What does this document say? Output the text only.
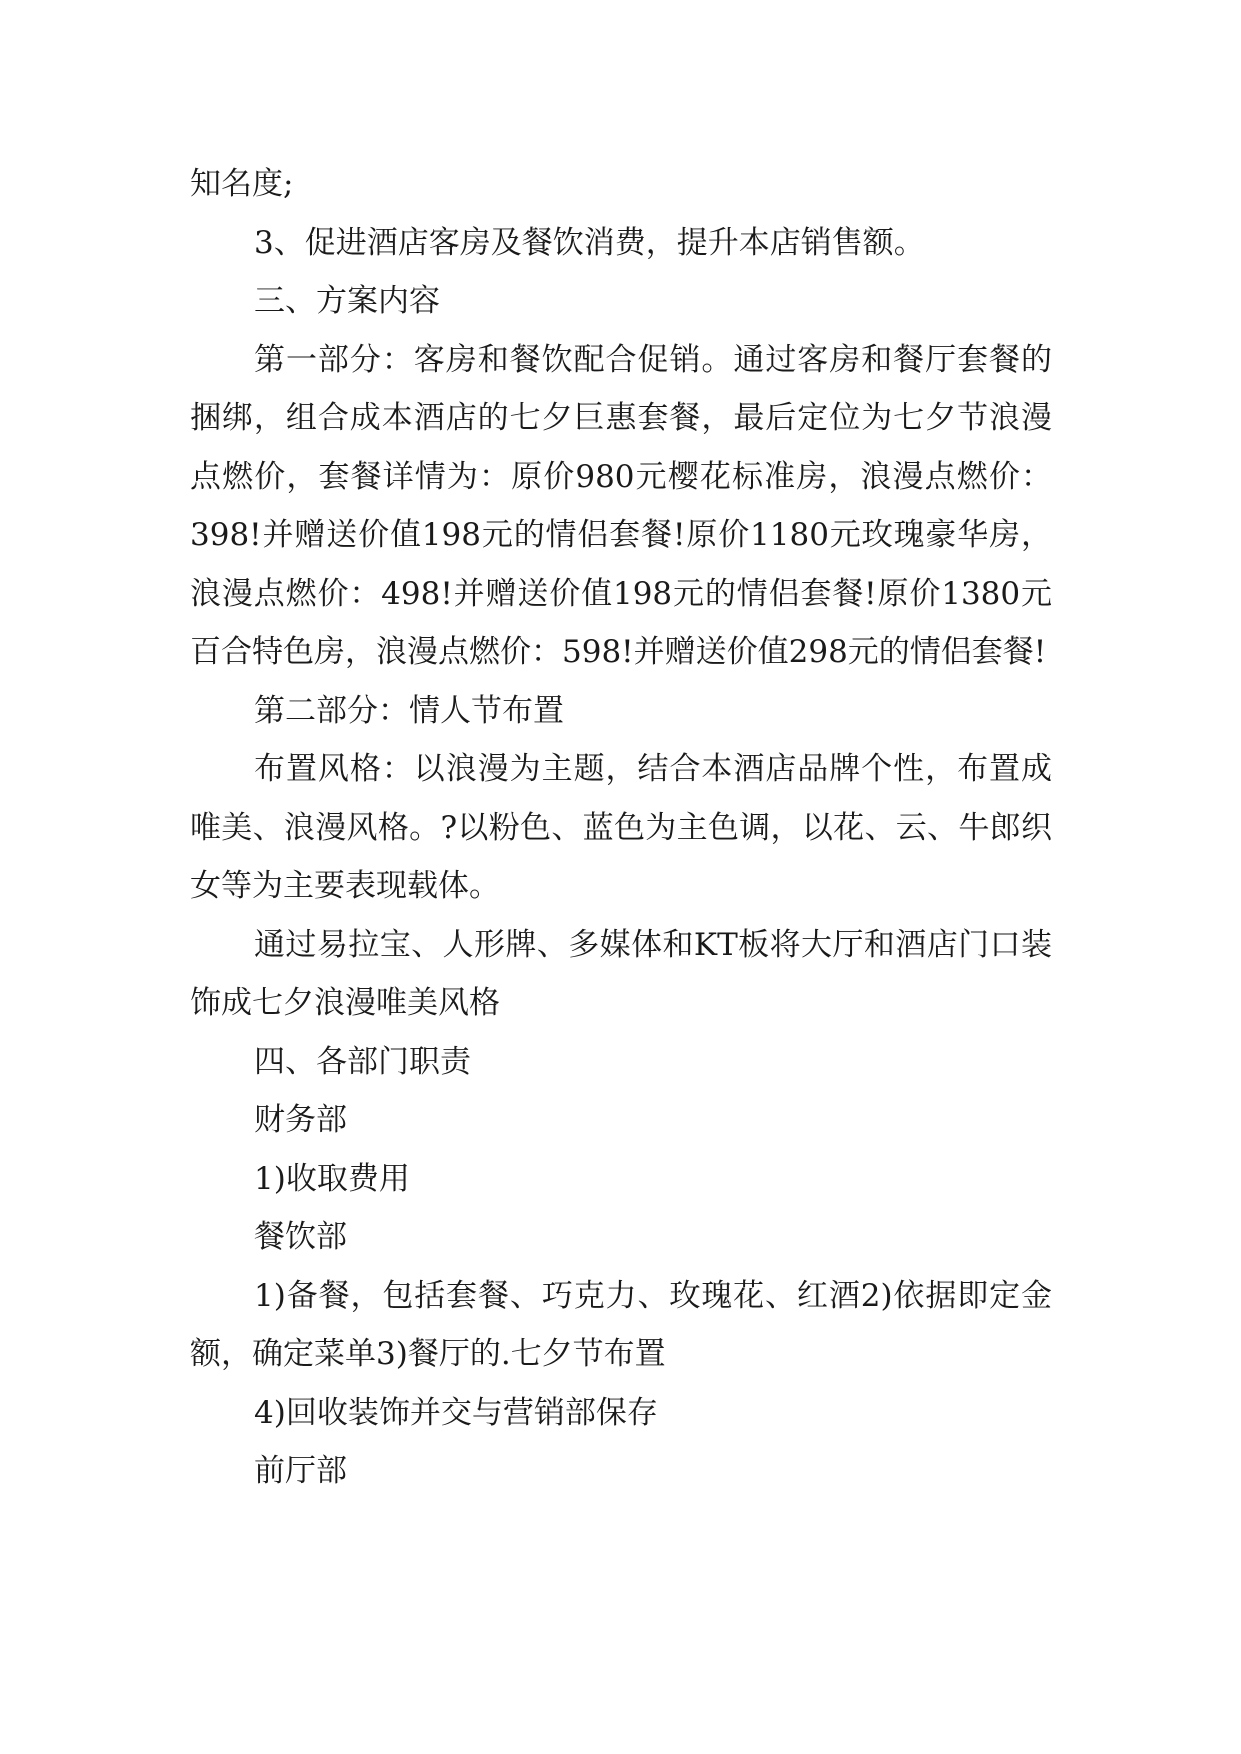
知名度;

3、促进酒店客房及餐饮消费，提升本店销售额。

三、方案内容

第一部分：客房和餐饮配合促销。通过客房和餐厅套餐的捆绑，组合成本酒店的七夕巨惠套餐，最后定位为七夕节浪漫点燃价，套餐详情为：原价980元樱花标准房，浪漫点燃价：398!并赠送价值198元的情侣套餐!原价1180元玫瑰豪华房，浪漫点燃价：498!并赠送价值198元的情侣套餐!原价1380元百合特色房，浪漫点燃价：598!并赠送价值298元的情侣套餐!

第二部分：情人节布置

布置风格：以浪漫为主题，结合本酒店品牌个性，布置成唯美、浪漫风格。?以粉色、蓝色为主色调，以花、云、牛郎织女等为主要表现载体。

通过易拉宝、人形牌、多媒体和KT板将大厅和酒店门口装饰成七夕浪漫唯美风格

四、各部门职责

财务部

1)收取费用

餐饮部

1)备餐，包括套餐、巧克力、玫瑰花、红酒2)依据即定金额，确定菜单3)餐厅的.七夕节布置

4)回收装饰并交与营销部保存

前厅部
